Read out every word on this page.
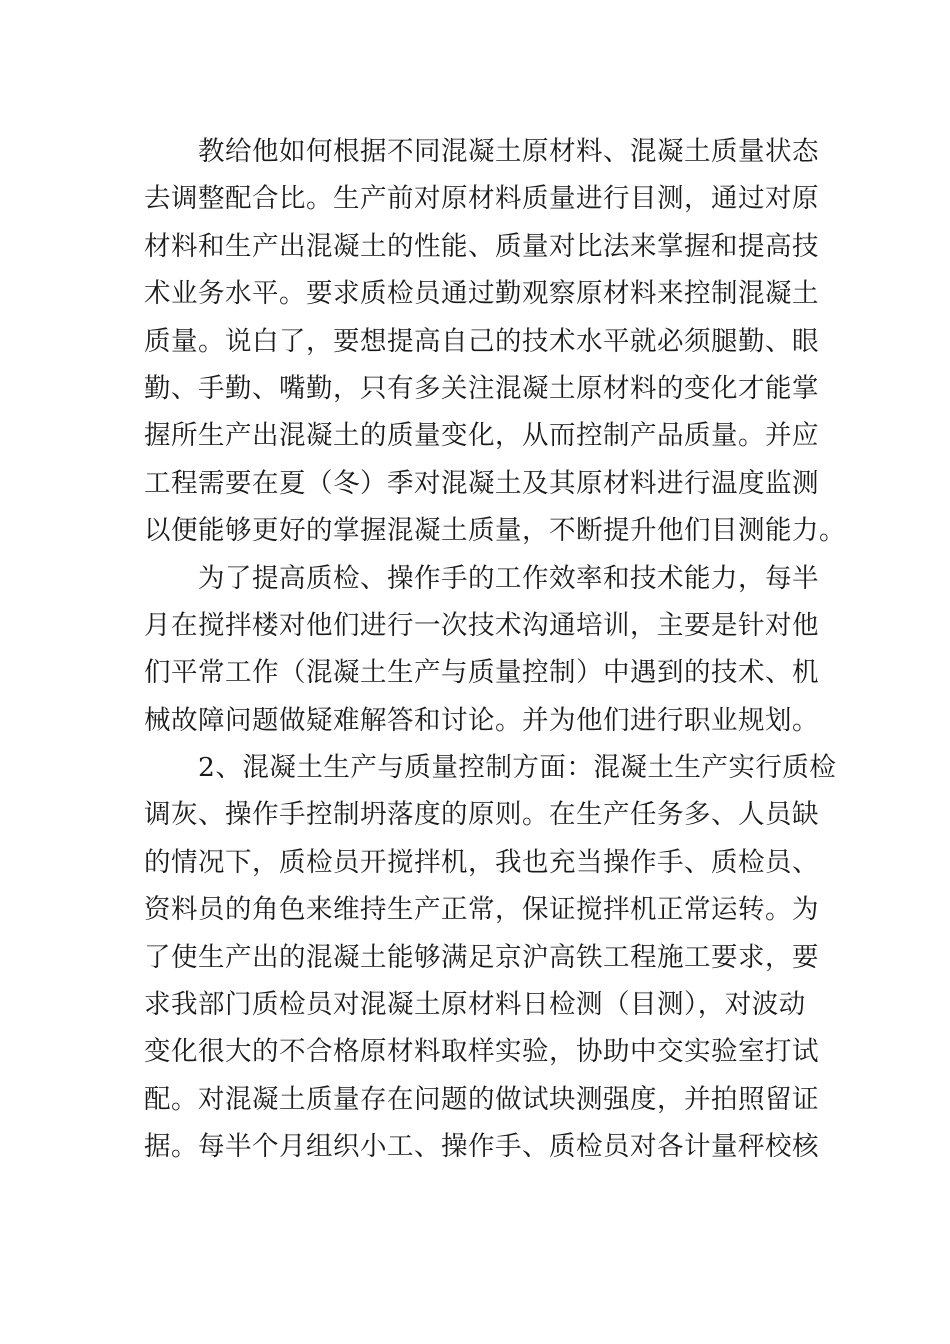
教给他如何根据不同混凝土原材料、混凝土质量状态
去调整配合比。生产前对原材料质量进行目测，通过对原
材料和生产出混凝土的性能、质量对比法来掌握和提高技
术业务水平。要求质检员通过勤观察原材料来控制混凝土
质量。说白了，要想提高自己的技术水平就必须腿勤、眼
勤、手勤、嘴勤，只有多关注混凝土原材料的变化才能掌
握所生产出混凝土的质量变化，从而控制产品质量。并应
工程需要在夏（冬）季对混凝土及其原材料进行温度监测
以便能够更好的掌握混凝土质量，不断提升他们目测能力。
为了提高质检、操作手的工作效率和技术能力，每半
月在搅拌楼对他们进行一次技术沟通培训，主要是针对他
们平常工作（混凝土生产与质量控制）中遇到的技术、机
械故障问题做疑难解答和讨论。并为他们进行职业规划。
2、混凝土生产与质量控制方面：混凝土生产实行质检
调灰、操作手控制坍落度的原则。在生产任务多、人员缺
的情况下，质检员开搅拌机，我也充当操作手、质检员、
资料员的角色来维持生产正常，保证搅拌机正常运转。为
了使生产出的混凝土能够满足京沪高铁工程施工要求，要
求我部门质检员对混凝土原材料日检测（目测），对波动
变化很大的不合格原材料取样实验，协助中交实验室打试
配。对混凝土质量存在问题的做试块测强度，并拍照留证
据。每半个月组织小工、操作手、质检员对各计量秤校核
